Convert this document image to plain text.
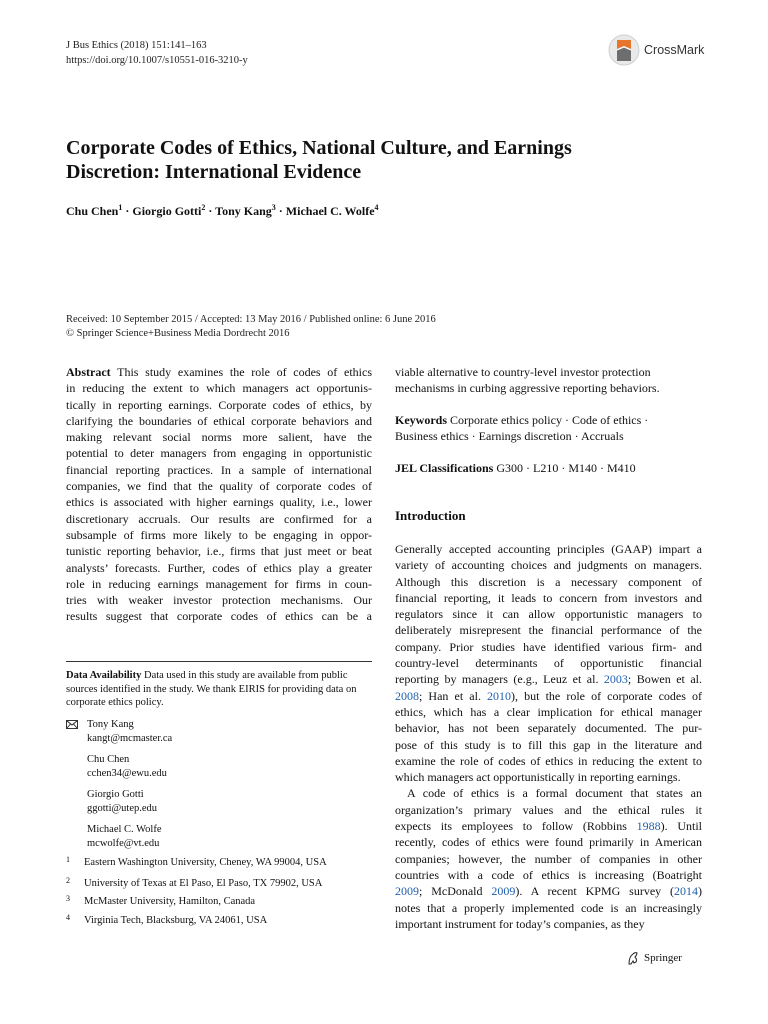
J Bus Ethics (2018) 151:141–163
https://doi.org/10.1007/s10551-016-3210-y
CrossMark
Corporate Codes of Ethics, National Culture, and Earnings
Discretion: International Evidence
Chu Chen$^1$ · Giorgio Gotti$^2$ · Tony Kang$^3$ · Michael C. Wolfe$^4$
Received: 10 September 2015 / Accepted: 13 May 2016 / Published online: 6 June 2016
© Springer Science+Business Media Dordrecht 2016

Abstract This study examines the role of codes of ethics

in reducing the extent to which managers act opportunis-

tically in reporting earnings. Corporate codes of ethics, by

clarifying the boundaries of ethical corporate behaviors and

making relevant social norms more salient, have the

potential to deter managers from engaging in opportunistic

financial reporting practices. In a sample of international

companies, we find that the quality of corporate codes of

ethics is associated with higher earnings quality, i.e., lower

discretionary accruals. Our results are confirmed for a

subsample of firms more likely to be engaging in oppor-

tunistic reporting behavior, i.e., firms that just meet or beat

analysts’ forecasts. Further, codes of ethics play a greater

role in reducing earnings management for firms in coun-

tries with weaker investor protection mechanisms. Our

results suggest that corporate codes of ethics can be a

Data Availability Data used in this study are available from public
sources identified in the study. We thank EIRIS for providing data on
corporate ethics policy.
Tony Kang
kangt@mcmaster.ca
Chu Chen
cchen34@ewu.edu
Giorgio Gotti
ggotti@utep.edu
Michael C. Wolfe
mcwolfe@vt.edu
1 Eastern Washington University, Cheney, WA 99004, USA
2 University of Texas at El Paso, El Paso, TX 79902, USA
3 McMaster University, Hamilton, Canada
4 Virginia Tech, Blacksburg, VA 24061, USA

viable alternative to country-level investor protection

mechanisms in curbing aggressive reporting behaviors.

Keywords Corporate ethics policy · Code of ethics ·

Business ethics · Earnings discretion · Accruals

JEL Classifications G300 · L210 · M140 · M410

Introduction
Generally accepted accounting principles (GAAP) impart a
variety of accounting choices and judgments on managers.
Although this discretion is a necessary component of
financial reporting, it leads to concern from investors and
regulators since it can allow opportunistic managers to
deliberately misrepresent the financial performance of the
company. Prior studies have identified various firm- and
country-level determinants of opportunistic financial
reporting by managers (e.g., Leuz et al. 2003; Bowen et al.
2008; Han et al. 2010), but the role of corporate codes of
ethics, which has a clear implication for ethical manager
behavior, has not been separately documented. The pur-
pose of this study is to fill this gap in the literature and
examine the role of codes of ethics in reducing the extent to
which managers act opportunistically in reporting earnings.
A code of ethics is a formal document that states an
organization’s primary values and the ethical rules it
expects its employees to follow (Robbins 1988). Until
recently, codes of ethics were found primarily in American
companies; however, the number of companies in other
countries with a code of ethics is increasing (Boatright
2009; McDonald 2009). A recent KPMG survey (2014)
notes that a properly implemented code is an increasingly
important instrument for today’s companies, as they
Springer
